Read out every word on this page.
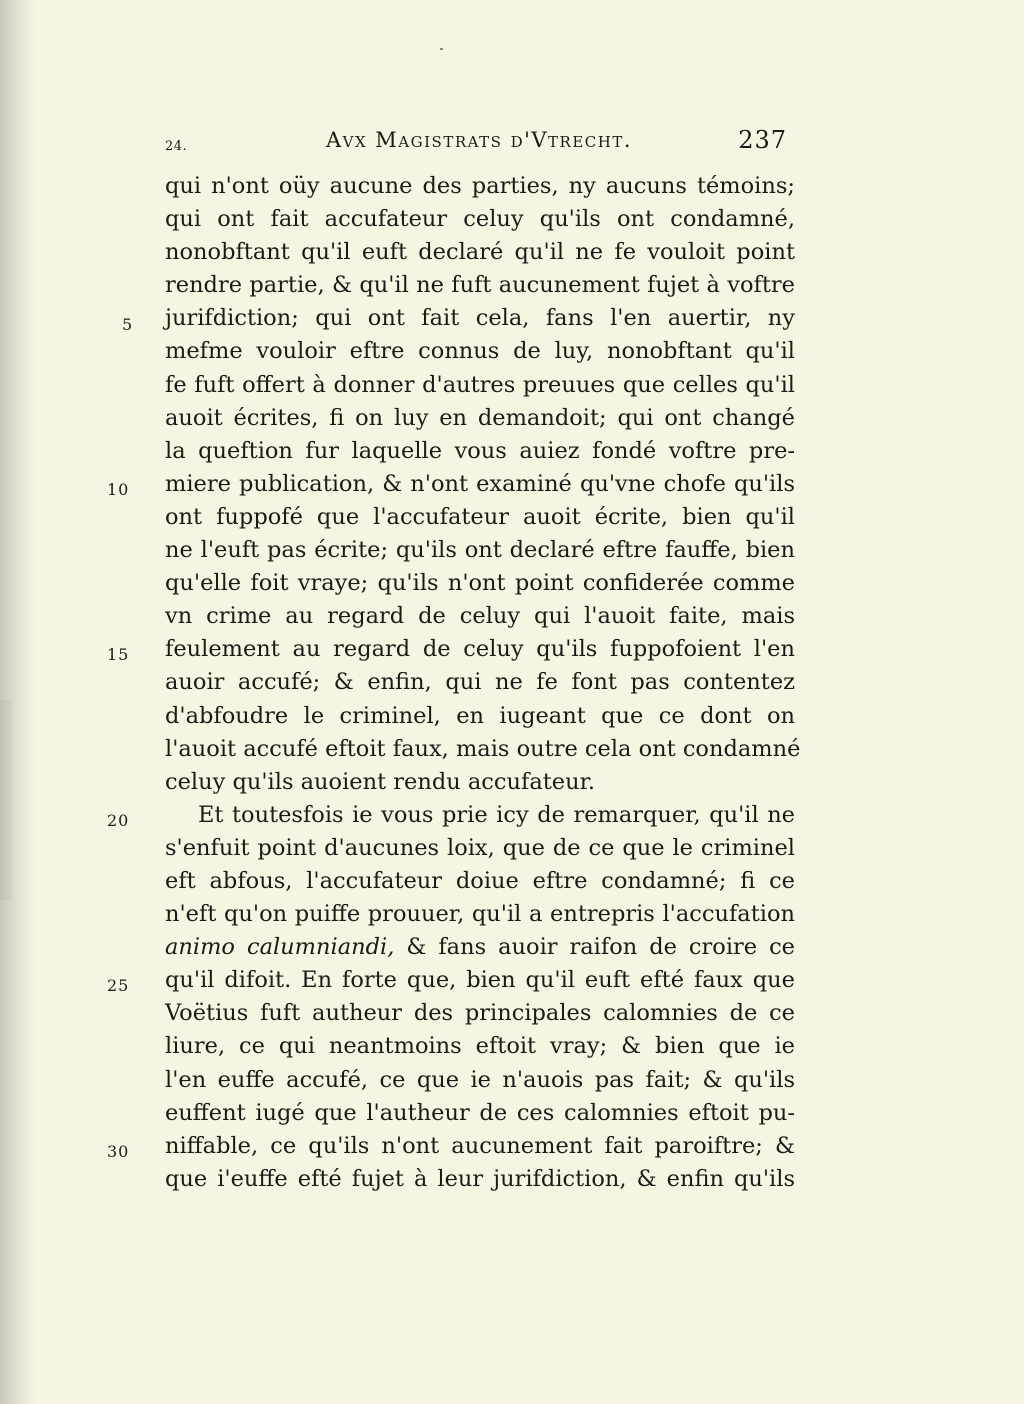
24.	Avx Magistrats d'Vtrecht.	237
5
10
15
20
25
30
qui n'ont oüy aucune des parties, ny aucuns témoins;
qui ont fait accufateur celuy qu'ils ont condamné,
nonobftant qu'il euft declaré qu'il ne fe vouloit point
rendre partie, & qu'il ne fuft aucunement fujet à voftre
jurifdiction; qui ont fait cela, fans l'en auertir, ny
mefme vouloir eftre connus de luy, nonobftant qu'il
fe fuft offert à donner d'autres preuues que celles qu'il
auoit écrites, fi on luy en demandoit; qui ont changé
la queftion fur laquelle vous auiez fondé voftre pre-
miere publication, & n'ont examiné qu'vne chofe qu'ils
ont fuppofé que l'accufateur auoit écrite, bien qu'il
ne l'euft pas écrite; qu'ils ont declaré eftre fauffe, bien
qu'elle foit vraye; qu'ils n'ont point confiderée comme
vn crime au regard de celuy qui l'auoit faite, mais
feulement au regard de celuy qu'ils fuppofoient l'en
auoir accufé; & enfin, qui ne fe font pas contentez
d'abfoudre le criminel, en iugeant que ce dont on
l'auoit accufé eftoit faux, mais outre cela ont condamné
celuy qu'ils auoient rendu accufateur.
Et toutesfois ie vous prie icy de remarquer, qu'il ne
s'enfuit point d'aucunes loix, que de ce que le criminel
eft abfous, l'accufateur doiue eftre condamné; fi ce
n'eft qu'on puiffe prouuer, qu'il a entrepris l'accufation
animo calumniandi, & fans auoir raifon de croire ce
qu'il difoit. En forte que, bien qu'il euft efté faux que
Voëtius fuft autheur des principales calomnies de ce
liure, ce qui neantmoins eftoit vray; & bien que ie
l'en euffe accufé, ce que ie n'auois pas fait; & qu'ils
euffent iugé que l'autheur de ces calomnies eftoit pu-
niffable, ce qu'ils n'ont aucunement fait paroiftre; &
que i'euffe efté fujet à leur jurifdiction, & enfin qu'ils
